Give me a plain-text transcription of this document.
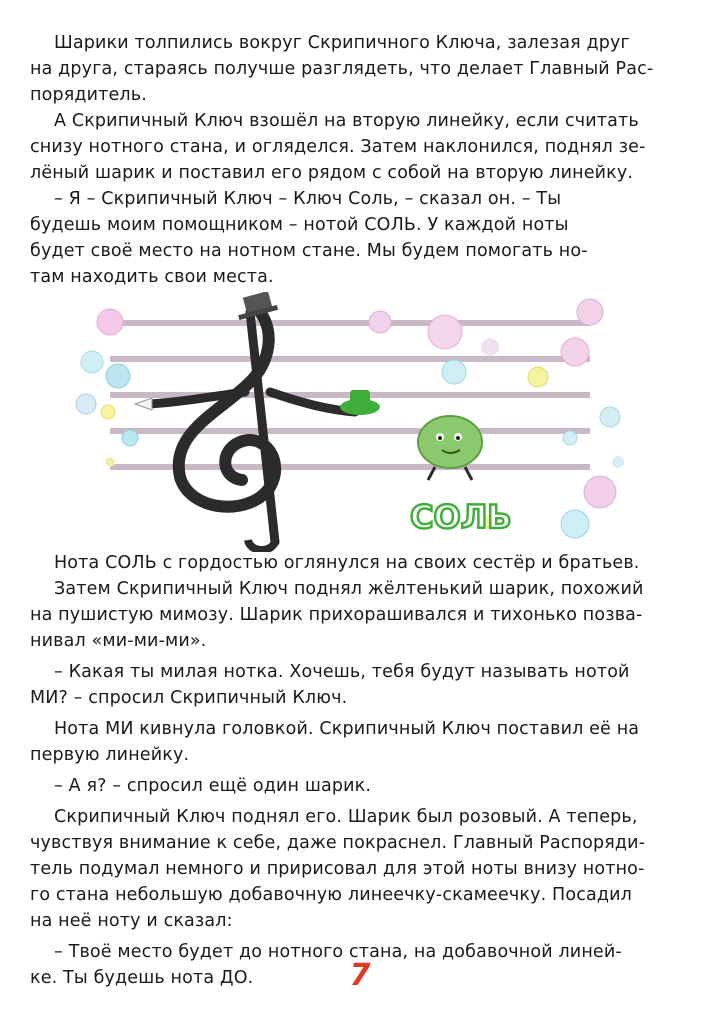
Шарики толпились вокруг Скрипичного Ключа, залезая друг
на друга, стараясь получше разглядеть, что делает Главный Рас-
порядитель.
А Скрипичный Ключ взошёл на вторую линейку, если считать
снизу нотного стана, и огляделся. Затем наклонился, поднял зе-
лёный шарик и поставил его рядом с собой на вторую линейку.
– Я – Скрипичный Ключ – Ключ Соль, – сказал он. – Ты
будешь моим помощником – нотой СОЛЬ. У каждой ноты
будет своё место на нотном стане. Мы будем помогать но-
там находить свои места.

СОЛЬ

Нота СОЛЬ с гордостью оглянулся на своих сестёр и братьев.
Затем Скрипичный Ключ поднял жёлтенький шарик, похожий
на пушистую мимозу. Шарик прихорашивался и тихонько позва-
нивал «ми-ми-ми».
– Какая ты милая нотка. Хочешь, тебя будут называть нотой
МИ? – спросил Скрипичный Ключ.
Нота МИ кивнула головкой. Скрипичный Ключ поставил её на
первую линейку.
– А я? – спросил ещё один шарик.
Скрипичный Ключ поднял его. Шарик был розовый. А теперь,
чувствуя внимание к себе, даже покраснел. Главный Распоряди-
тель подумал немного и пририсовал для этой ноты внизу нотно-
го стана небольшую добавочную линеечку-скамеечку. Посадил
на неё ноту и сказал:
– Твоё место будет до нотного стана, на добавочной линей-
ке. Ты будешь нота ДО.	7
